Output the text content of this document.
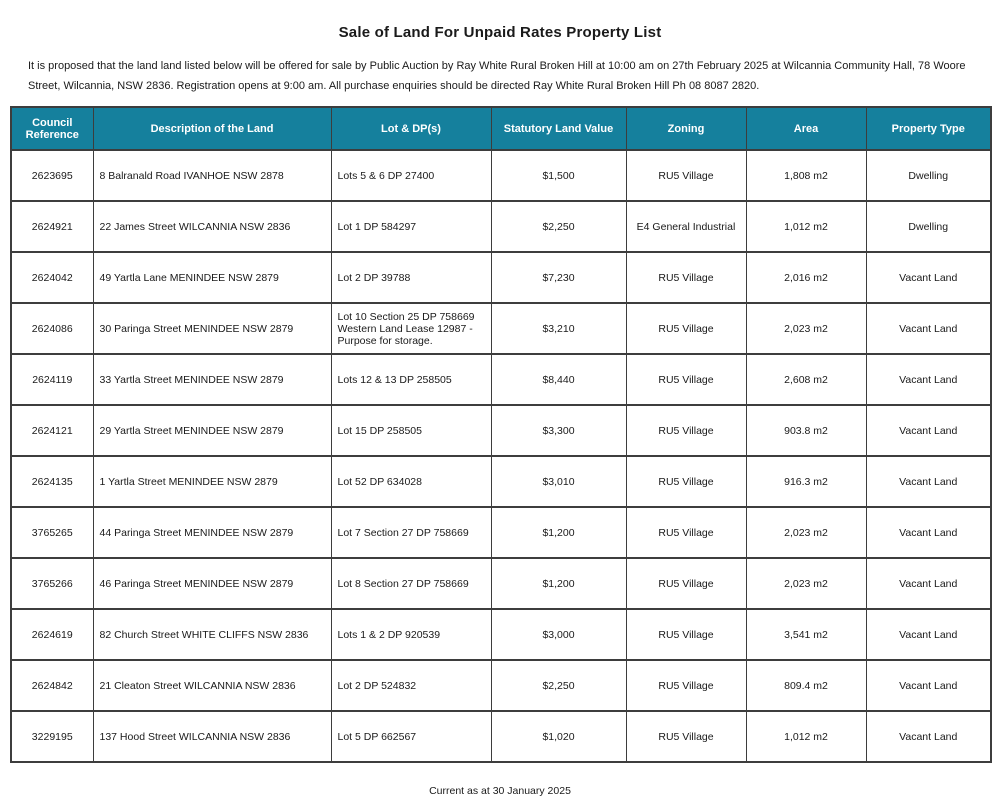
Sale of Land For Unpaid Rates Property List
It is proposed that the land land listed below will be offered for sale by Public Auction by Ray White Rural Broken Hill at 10:00 am on 27th February 2025 at Wilcannia Community Hall, 78 Woore Street, Wilcannia, NSW 2836. Registration opens at 9:00 am. All purchase enquiries should be directed Ray White Rural Broken Hill Ph 08 8087 2820.
Council Reference	Description of the Land	Lot & DP(s)	Statutory Land Value	Zoning	Area	Property Type
2623695	8 Balranald Road IVANHOE NSW 2878	Lots 5 & 6 DP 27400	$1,500	RU5 Village	1,808 m2	Dwelling
2624921	22 James Street WILCANNIA NSW 2836	Lot 1 DP 584297	$2,250	E4 General Industrial	1,012 m2	Dwelling
2624042	49 Yartla Lane MENINDEE NSW 2879	Lot 2 DP 39788	$7,230	RU5 Village	2,016 m2	Vacant Land
2624086	30 Paringa Street MENINDEE NSW 2879	Lot 10 Section 25 DP 758669 Western Land Lease 12987 - Purpose for storage.	$3,210	RU5 Village	2,023 m2	Vacant Land
2624119	33 Yartla Street MENINDEE NSW 2879	Lots 12 & 13 DP 258505	$8,440	RU5 Village	2,608 m2	Vacant Land
2624121	29 Yartla Street MENINDEE NSW 2879	Lot 15 DP 258505	$3,300	RU5 Village	903.8 m2	Vacant Land
2624135	1 Yartla Street MENINDEE NSW 2879	Lot 52 DP 634028	$3,010	RU5 Village	916.3 m2	Vacant Land
3765265	44 Paringa Street MENINDEE NSW 2879	Lot 7 Section 27 DP 758669	$1,200	RU5 Village	2,023 m2	Vacant Land
3765266	46 Paringa Street MENINDEE NSW 2879	Lot 8 Section 27 DP 758669	$1,200	RU5 Village	2,023 m2	Vacant Land
2624619	82 Church Street WHITE CLIFFS NSW 2836	Lots 1 & 2 DP 920539	$3,000	RU5 Village	3,541 m2	Vacant Land
2624842	21 Cleaton Street WILCANNIA NSW 2836	Lot 2 DP 524832	$2,250	RU5 Village	809.4 m2	Vacant Land
3229195	137 Hood Street WILCANNIA NSW 2836	Lot 5 DP 662567	$1,020	RU5 Village	1,012 m2	Vacant Land
Current as at 30 January 2025
